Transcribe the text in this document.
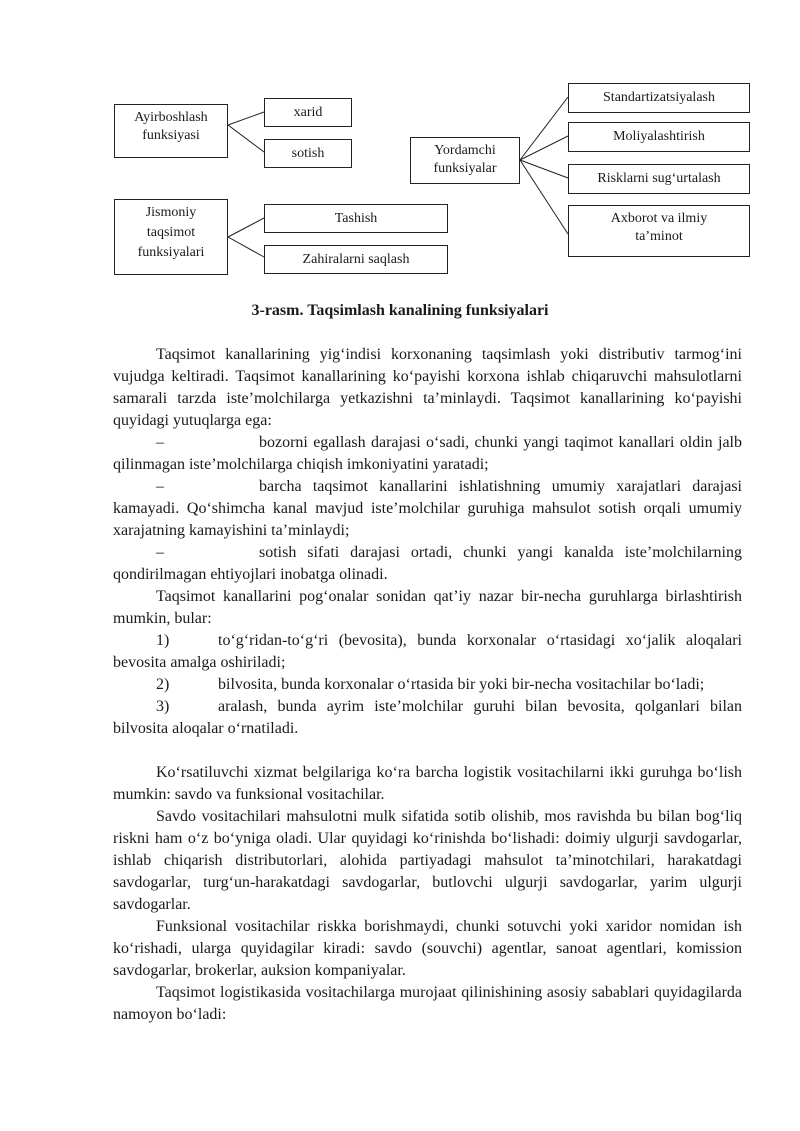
Ayirboshlash
funksiyasi
xarid
sotish
Jismoniy
taqsimot
funksiyalari
Tashish
Zahiralarni saqlash
Yordamchi
funksiyalar
Standartizatsiyalash
Moliyalashtirish
Risklarni sug‘urtalash
Axborot va ilmiy
ta’minot
3-rasm. Taqsimlash kanalining funksiyalari

Taqsimot kanallarining yig‘indisi korxonaning taqsimlash yoki distributiv tarmog‘ini vujudga keltiradi. Taqsimot kanallarining ko‘payishi korxona ishlab chiqaruvchi mahsulotlarni samarali tarzda iste’molchilarga yetkazishni ta’minlaydi. Taqsimot kanallarining ko‘payishi quyidagi yutuqlarga ega:

–	bozorni egallash darajasi o‘sadi, chunki yangi taqimot kanallari oldin jalb qilinmagan iste’molchilarga chiqish imkoniyatini yaratadi;

–	barcha taqsimot kanallarini ishlatishning umumiy xarajatlari darajasi kamayadi. Qo‘shimcha kanal mavjud iste’molchilar guruhiga mahsulot sotish orqali umumiy xarajatning kamayishini ta’minlaydi;

–	sotish sifati darajasi ortadi, chunki yangi kanalda iste’molchilarning qondirilmagan ehtiyojlari inobatga olinadi.

Taqsimot kanallarini pog‘onalar sonidan qat’iy nazar bir-necha guruhlarga birlashtirish mumkin, bular:

1)	to‘g‘ridan-to‘g‘ri (bevosita), bunda korxonalar o‘rtasidagi xo‘jalik aloqalari bevosita amalga oshiriladi;

2)	bilvosita, bunda korxonalar o‘rtasida bir yoki bir-necha vositachilar bo‘ladi;

3)	aralash, bunda ayrim iste’molchilar guruhi bilan bevosita, qolganlari bilan bilvosita aloqalar o‘rnatiladi.

Ko‘rsatiluvchi xizmat belgilariga ko‘ra barcha logistik vositachilarni ikki guruhga bo‘lish mumkin: savdo va funksional vositachilar.

Savdo vositachilari mahsulotni mulk sifatida sotib olishib, mos ravishda bu bilan bog‘liq riskni ham o‘z bo‘yniga oladi. Ular quyidagi ko‘rinishda bo‘lishadi: doimiy ulgurji savdogarlar, ishlab chiqarish distributorlari, alohida partiyadagi mahsulot ta’minotchilari, harakatdagi savdogarlar, turg‘un-harakatdagi savdogarlar, butlovchi ulgurji savdogarlar, yarim ulgurji savdogarlar.

Funksional vositachilar riskka borishmaydi, chunki sotuvchi yoki xaridor nomidan ish ko‘rishadi, ularga quyidagilar kiradi: savdo (souvchi) agentlar, sanoat agentlari, komission savdogarlar, brokerlar, auksion kompaniyalar.

Taqsimot logistikasida vositachilarga murojaat qilinishining asosiy sabablari quyidagilarda namoyon bo‘ladi:
